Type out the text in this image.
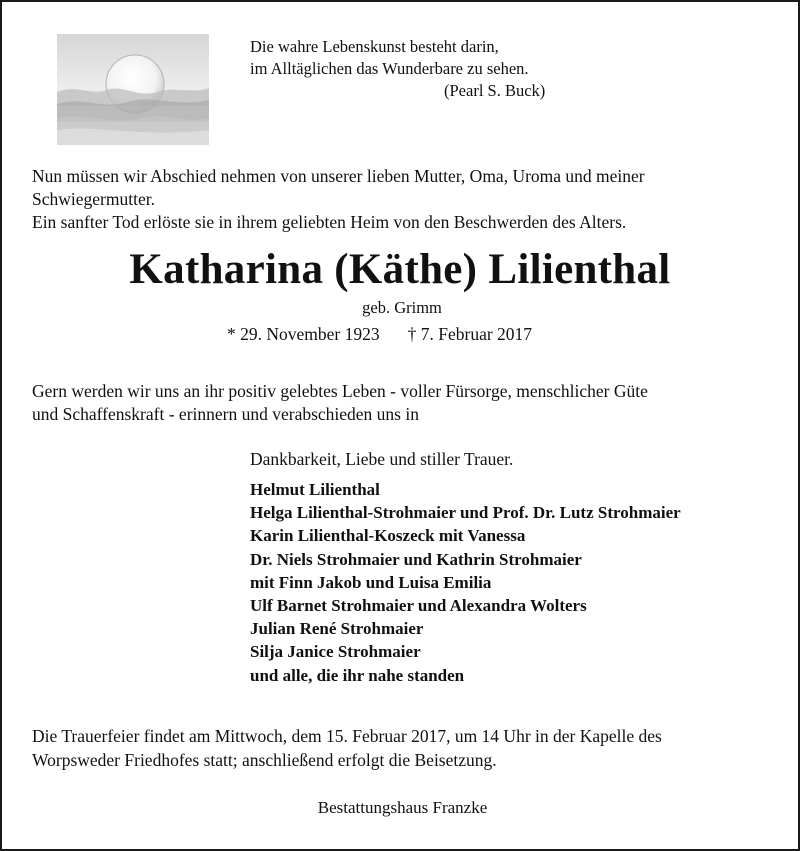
Die wahre Lebenskunst besteht darin,
im Alltäglichen das Wunderbare zu sehen.

(Pearl S. Buck)
Nun müssen wir Abschied nehmen von unserer lieben Mutter, Oma, Uroma und meiner
Schwiegermutter.
Ein sanfter Tod erlöste sie in ihrem geliebten Heim von den Beschwerden des Alters.
Katharina (Käthe) Lilienthal
geb. Grimm
* 29. November 1923 † 7. Februar 2017
Gern werden wir uns an ihr positiv gelebtes Leben - voller Fürsorge, menschlicher Güte
und Schaffenskraft - erinnern und verabschieden uns in
Dankbarkeit, Liebe und stiller Trauer.
Helmut Lilienthal
Helga Lilienthal-Strohmaier und Prof. Dr. Lutz Strohmaier
Karin Lilienthal-Koszeck mit Vanessa
Dr. Niels Strohmaier und Kathrin Strohmaier
mit Finn Jakob und Luisa Emilia
Ulf Barnet Strohmaier und Alexandra Wolters
Julian René Strohmaier
Silja Janice Strohmaier
und alle, die ihr nahe standen
Die Trauerfeier findet am Mittwoch, dem 15. Februar 2017, um 14 Uhr in der Kapelle des
Worpsweder Friedhofes statt; anschließend erfolgt die Beisetzung.
Bestattungshaus Franzke
